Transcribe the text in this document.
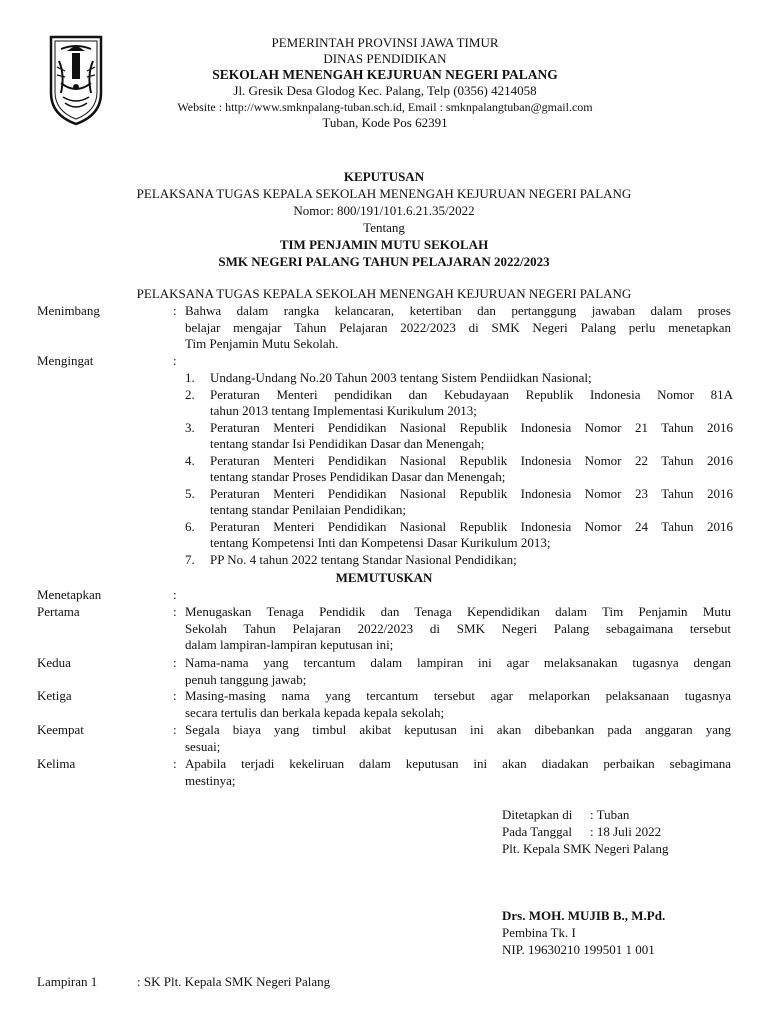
PEMERINTAH PROVINSI JAWA TIMUR
DINAS PENDIDIKAN
SEKOLAH MENENGAH KEJURUAN NEGERI PALANG
Jl. Gresik Desa Glodog Kec. Palang, Telp (0356) 4214058
Website : http://www.smknpalang-tuban.sch.id, Email : smknpalangtuban@gmail.com
Tuban, Kode Pos 62391
KEPUTUSAN
PELAKSANA TUGAS KEPALA SEKOLAH MENENGAH KEJURUAN NEGERI PALANG
Nomor: 800/191/101.6.21.35/2022
Tentang
TIM PENJAMIN MUTU SEKOLAH
SMK NEGERI PALANG TAHUN PELAJARAN 2022/2023
PELAKSANA TUGAS KEPALA SEKOLAH MENENGAH KEJURUAN NEGERI PALANG
Menimbang	: Bahwa dalam rangka kelancaran, ketertiban dan pertanggung jawaban dalam proses
belajar mengajar Tahun Pelajaran 2022/2023 di SMK Negeri Palang perlu menetapkan
Tim Penjamin Mutu Sekolah.
Mengingat	:
1. Undang-Undang No.20 Tahun 2003 tentang Sistem Pendiidkan Nasional;
2. Peraturan Menteri pendidikan dan Kebudayaan Republik Indonesia Nomor 81A
tahun 2013 tentang Implementasi Kurikulum 2013;
3. Peraturan Menteri Pendidikan Nasional Republik Indonesia Nomor 21 Tahun 2016
tentang standar Isi Pendidikan Dasar dan Menengah;
4. Peraturan Menteri Pendidikan Nasional Republik Indonesia Nomor 22 Tahun 2016
tentang standar Proses Pendidikan Dasar dan Menengah;
5. Peraturan Menteri Pendidikan Nasional Republik Indonesia Nomor 23 Tahun 2016
tentang standar Penilaian Pendidikan;
6. Peraturan Menteri Pendidikan Nasional Republik Indonesia Nomor 24 Tahun 2016
tentang Kompetensi Inti dan Kompetensi Dasar Kurikulum 2013;
7. PP No. 4 tahun 2022 tentang Standar Nasional Pendidikan;
MEMUTUSKAN
Menetapkan	:
Pertama	: Menugaskan Tenaga Pendidik dan Tenaga Kependidikan dalam Tim Penjamin Mutu
Sekolah Tahun Pelajaran 2022/2023 di SMK Negeri Palang sebagaimana tersebut
dalam lampiran-lampiran keputusan ini;
Kedua	: Nama-nama yang tercantum dalam lampiran ini agar melaksanakan tugasnya dengan
penuh tanggung jawab;
Ketiga	: Masing-masing nama yang tercantum tersebut agar melaporkan pelaksanaan tugasnya
secara tertulis dan berkala kepada kepala sekolah;
Keempat	: Segala biaya yang timbul akibat keputusan ini akan dibebankan pada anggaran yang
sesuai;
Kelima	: Apabila terjadi kekeliruan dalam keputusan ini akan diadakan perbaikan sebagimana
mestinya;
Ditetapkan di	: Tuban
Pada Tanggal	: 18 Juli 2022
Plt. Kepala SMK Negeri Palang
Drs. MOH. MUJIB B., M.Pd.
Pembina Tk. I
NIP. 19630210 199501 1 001
Lampiran 1	: SK Plt. Kepala SMK Negeri Palang
